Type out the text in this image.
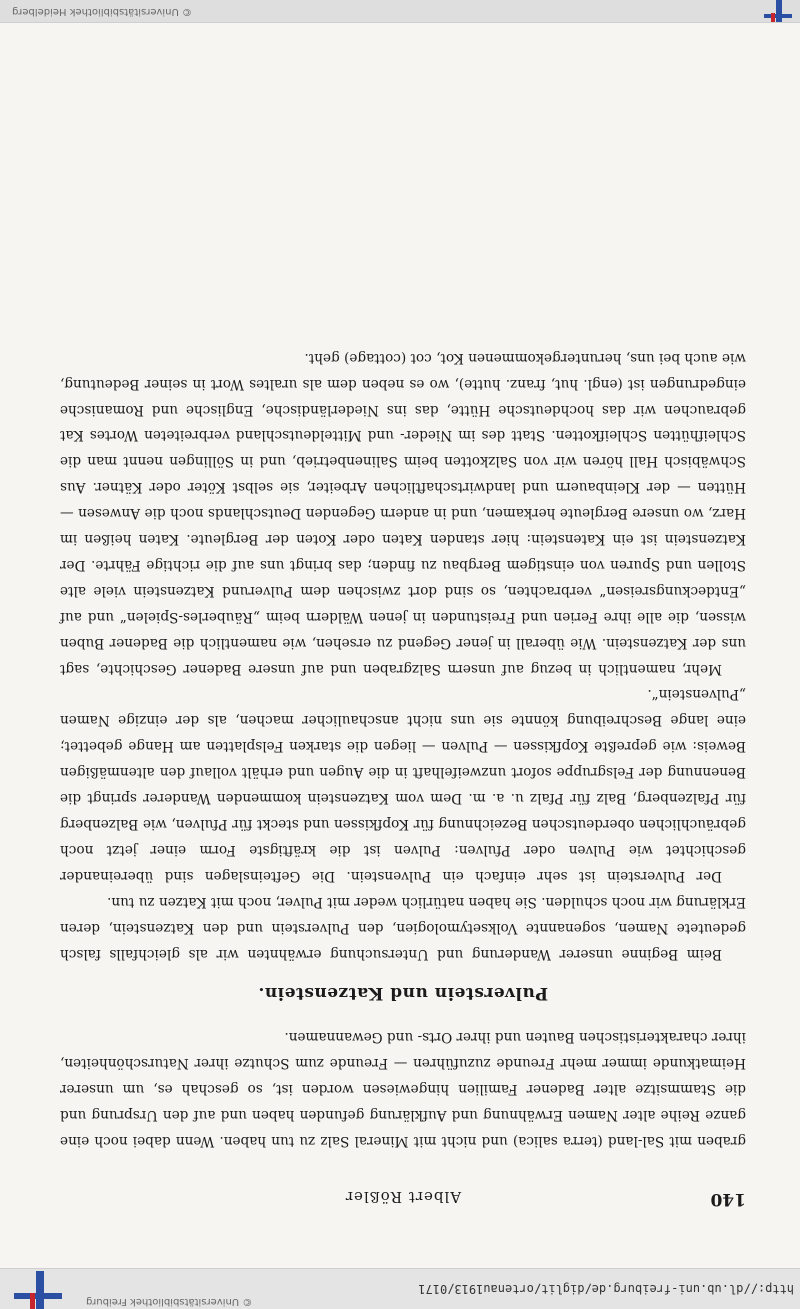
http://dl.ub.uni-freiburg.de/diglit/ortenau1913/0171
© Universitätsbibliothek Freiburg
140
Albert Rößler

graben mit Sal-land (terra salica) und nicht mit Mineral Salz zu tun haben. Wenn dabei noch eine ganze Reihe alter Namen Erwähnung und Aufklärung gefunden haben und auf den Ursprung und die Stammsitze alter Badener Familien hingewiesen worden ist, so geschah es, um unserer Heimatkunde immer mehr Freunde zuzuführen — Freunde zum Schutze ihrer Naturschönheiten, ihrer charakteristischen Bauten und ihrer Orts- und Gewannamen.

Pulverstein und Katzenstein.

Beim Beginne unserer Wanderung und Untersuchung erwähnten wir als gleichfalls falsch gedeutete Namen, sogenannte Volksetymologien, den Pulverstein und den Katzenstein, deren Erklärung wir noch schulden. Sie haben natürlich weder mit Pulver, noch mit Katzen zu tun.

Der Pulverstein ist sehr einfach ein Pulvenstein. Die Gefteinslagen sind übereinander geschichtet wie Pulven oder Pfulven: Pulven ist die kräftigste Form einer jetzt noch gebräuchlichen oberdeutschen Bezeichnung für Kopfkissen und steckt für Pfulven, wie Balzenberg für Pfalzenberg, Balz für Pfalz u. a. m. Dem vom Katzenstein kommenden Wanderer springt die Benennung der Felsgruppe sofort unzweifelhaft in die Augen und erhält vollauf den altenmäßigen Beweis: wie gepreßte Kopfkissen — Pulven — liegen die starken Felsplatten am Hange gebettet; eine lange Beschreibung könnte sie uns nicht anschaulicher machen, als der einzige Namen „Pulvenstein“.

Mehr, namentlich in bezug auf unsern Salzgraben und auf unsere Badener Geschichte, sagt uns der Katzenstein. Wie überall in jener Gegend zu ersehen, wie namentlich die Badener Buben wissen, die alle ihre Ferien und Freistunden in jenen Wäldern beim „Räuberles-Spielen“ und auf „Entdeckungsreisen“ verbrachten, so sind dort zwischen dem Pulverund Katzenstein viele alte Stollen und Spuren von einstigem Bergbau zu finden; das bringt uns auf die richtige Fährte. Der Katzenstein ist ein Katenstein: hier standen Katen oder Koten der Bergleute. Katen heißen im Harz, wo unsere Bergleute herkamen, und in andern Gegenden Deutschlands noch die Anwesen — Hütten — der Kleinbauern und landwirtschaftlichen Arbeiter, sie selbst Köter oder Kätner. Aus Schwäbisch Hall hören wir von Salzkotten beim Salinenbetrieb, und in Söllingen nennt man die Schleifhütten Schleifkotten. Statt des im Nieder- und Mitteldeutschland verbreiteten Wortes Kat gebrauchen wir das hochdeutsche Hütte, das ins Niederländische, Englische und Romanische eingedrungen ist (engl. hut, franz. hutte), wo es neben dem als uraltes Wort in seiner Bedeutung, wie auch bei uns, heruntergekommenen Kot, cot (cottage) geht.

© Universitätsbibliothek Heidelberg
